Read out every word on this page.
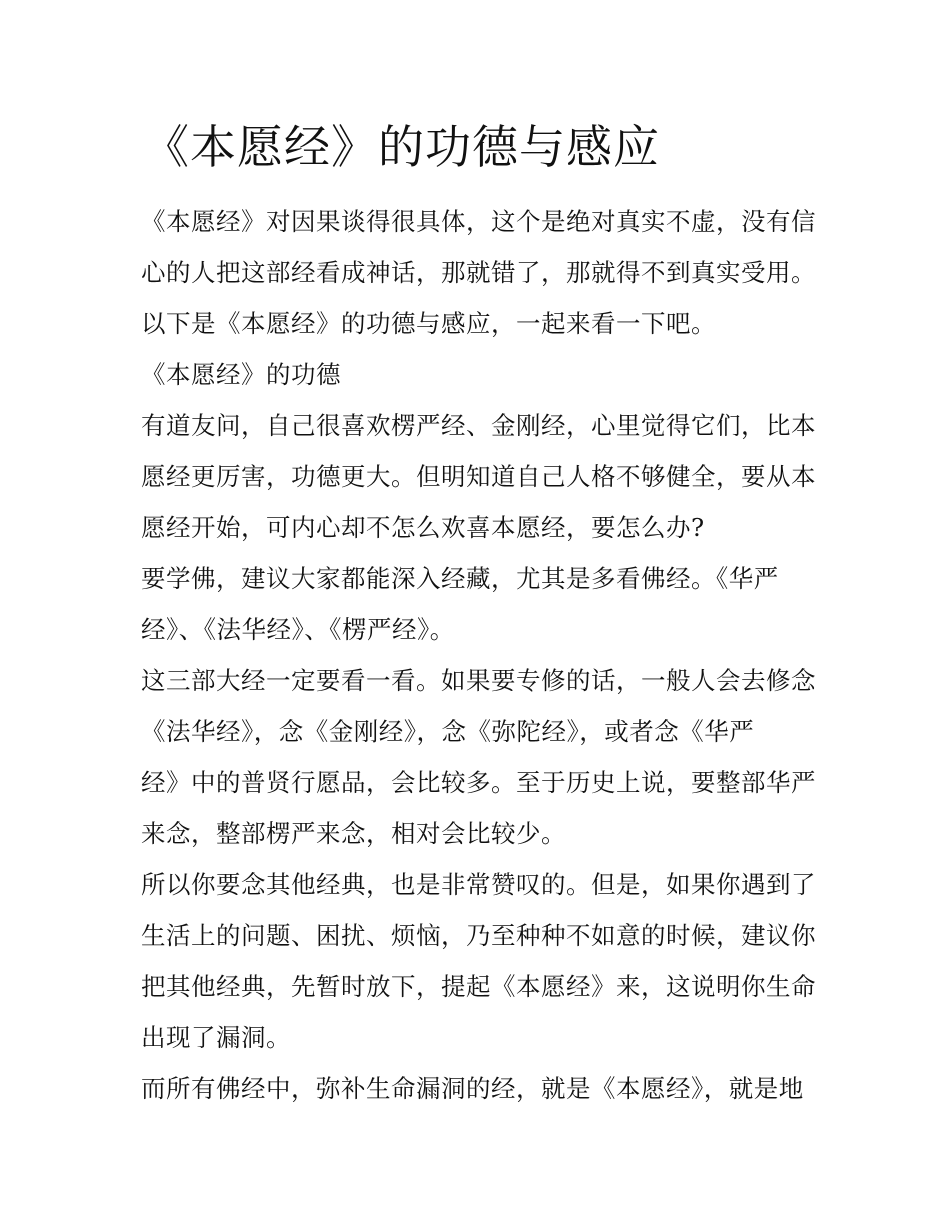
《本愿经》的功德与感应

《本愿经》对因果谈得很具体，这个是绝对真实不虚，没有信

心的人把这部经看成神话，那就错了，那就得不到真实受用。

以下是《本愿经》的功德与感应，一起来看一下吧。

《本愿经》的功德

有道友问，自己很喜欢楞严经、金刚经，心里觉得它们，比本

愿经更厉害，功德更大。但明知道自己人格不够健全，要从本

愿经开始，可内心却不怎么欢喜本愿经，要怎么办?

要学佛，建议大家都能深入经藏，尤其是多看佛经。《华严

经》、《法华经》、《楞严经》。

这三部大经一定要看一看。如果要专修的话，一般人会去修念

《法华经》，念《金刚经》，念《弥陀经》，或者念《华严

经》中的普贤行愿品，会比较多。至于历史上说，要整部华严

来念，整部楞严来念，相对会比较少。

所以你要念其他经典，也是非常赞叹的。但是，如果你遇到了

生活上的问题、困扰、烦恼，乃至种种不如意的时候，建议你

把其他经典，先暂时放下，提起《本愿经》来，这说明你生命

出现了漏洞。

而所有佛经中，弥补生命漏洞的经，就是《本愿经》，就是地
